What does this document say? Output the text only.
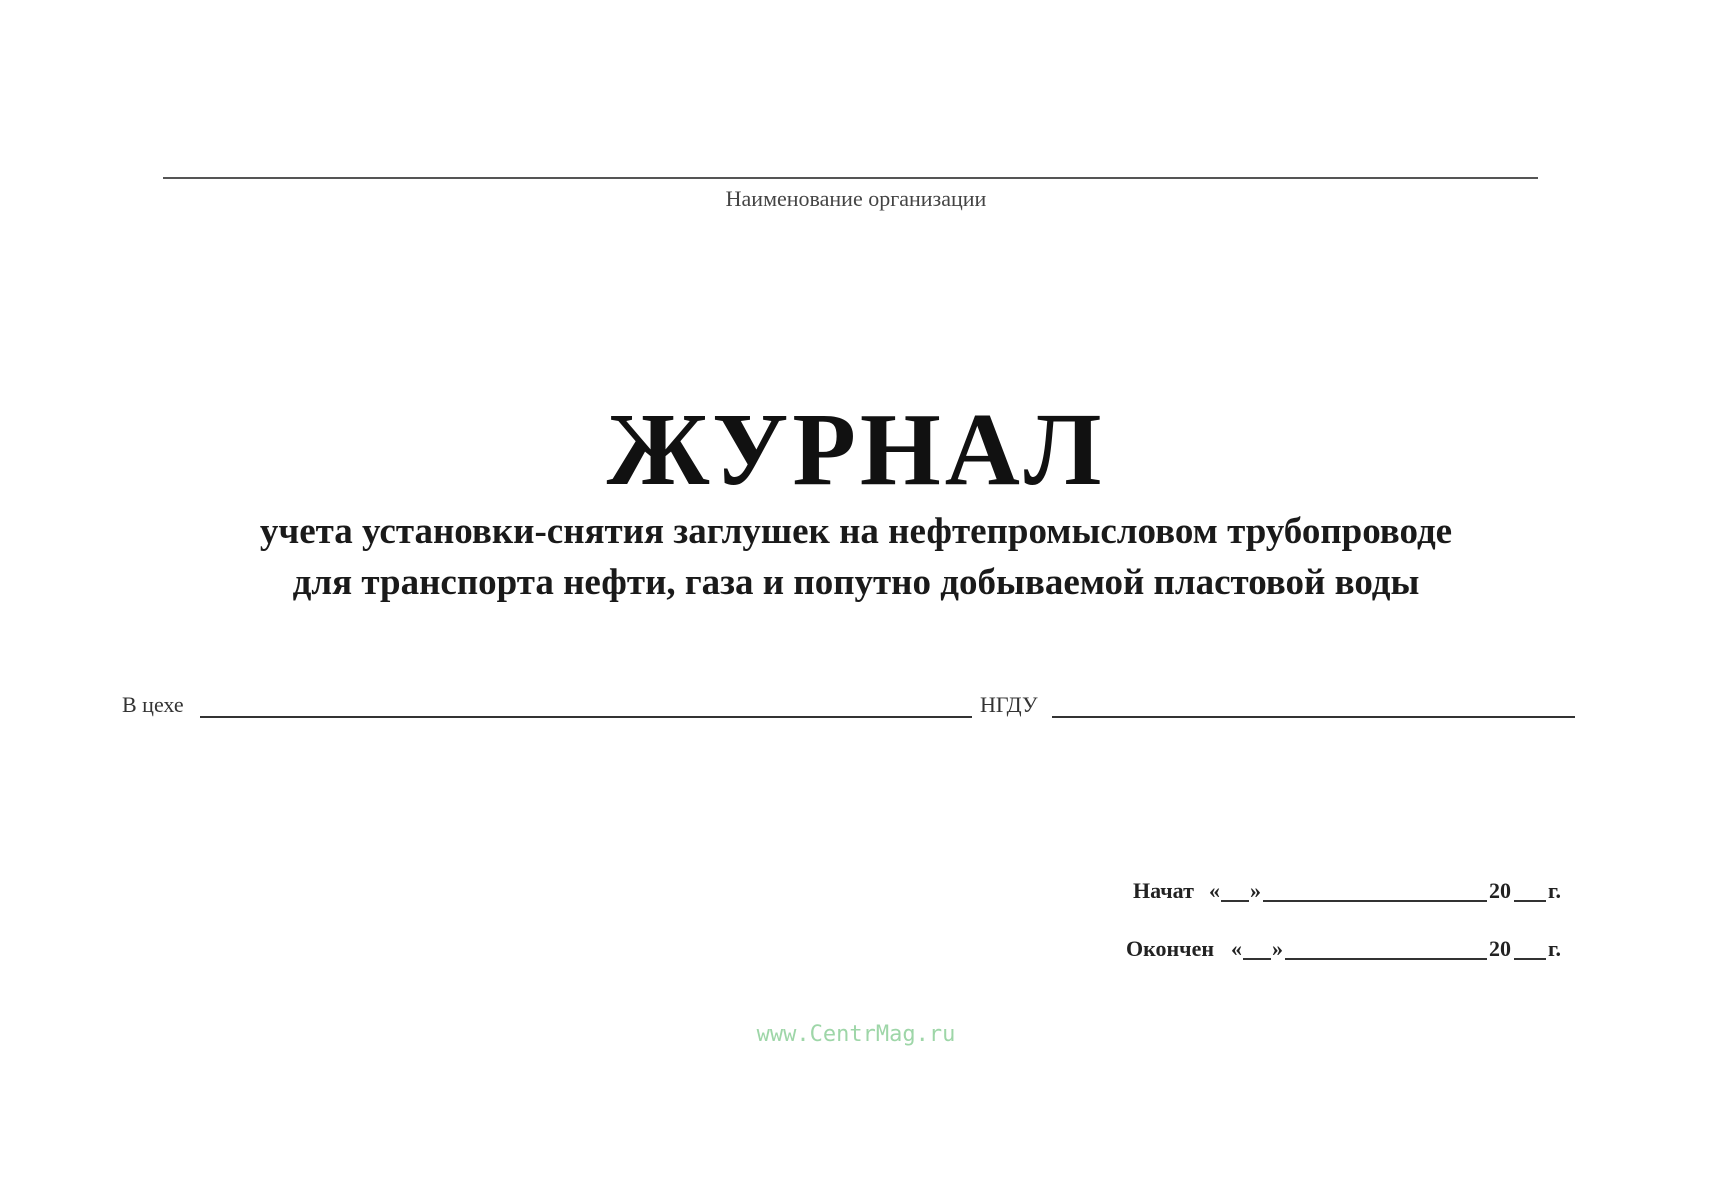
Наименование организации
ЖУРНАЛ
учета установки-снятия заглушек на нефтепромысловом трубопроводе
для транспорта нефти, газа и попутно добываемой пластовой воды
В цехе	НГДУ
Начат « »	20 г.
Окончен « »	20 г.
www.CentrMag.ru
